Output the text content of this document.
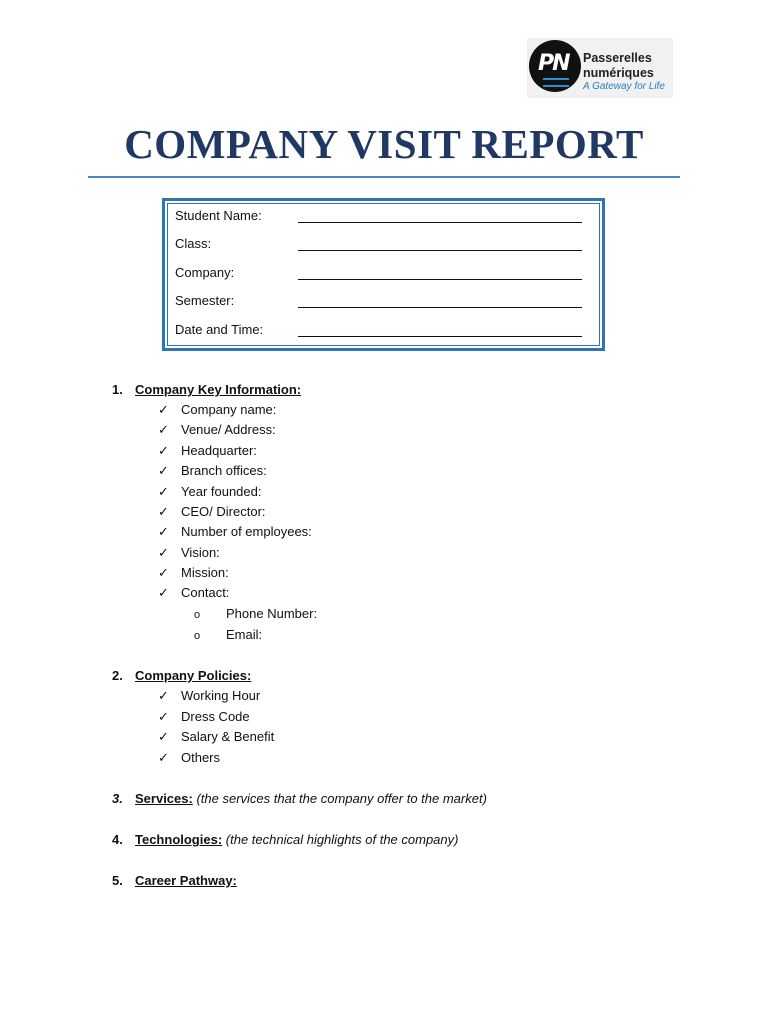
PN Passerelles
numériques
A Gateway for Life
COMPANY VISIT REPORT
Student Name:
Class:
Company:
Semester:
Date and Time:
1. Company Key Information:
✓ Company name:
✓ Venue/ Address:
✓ Headquarter:
✓ Branch offices:
✓ Year founded:
✓ CEO/ Director:
✓ Number of employees:
✓ Vision:
✓ Mission:
✓ Contact:
o Phone Number:
o Email:
2. Company Policies:
✓ Working Hour
✓ Dress Code
✓ Salary & Benefit
✓ Others
3. Services: (the services that the company offer to the market)
4. Technologies: (the technical highlights of the company)
5. Career Pathway:
